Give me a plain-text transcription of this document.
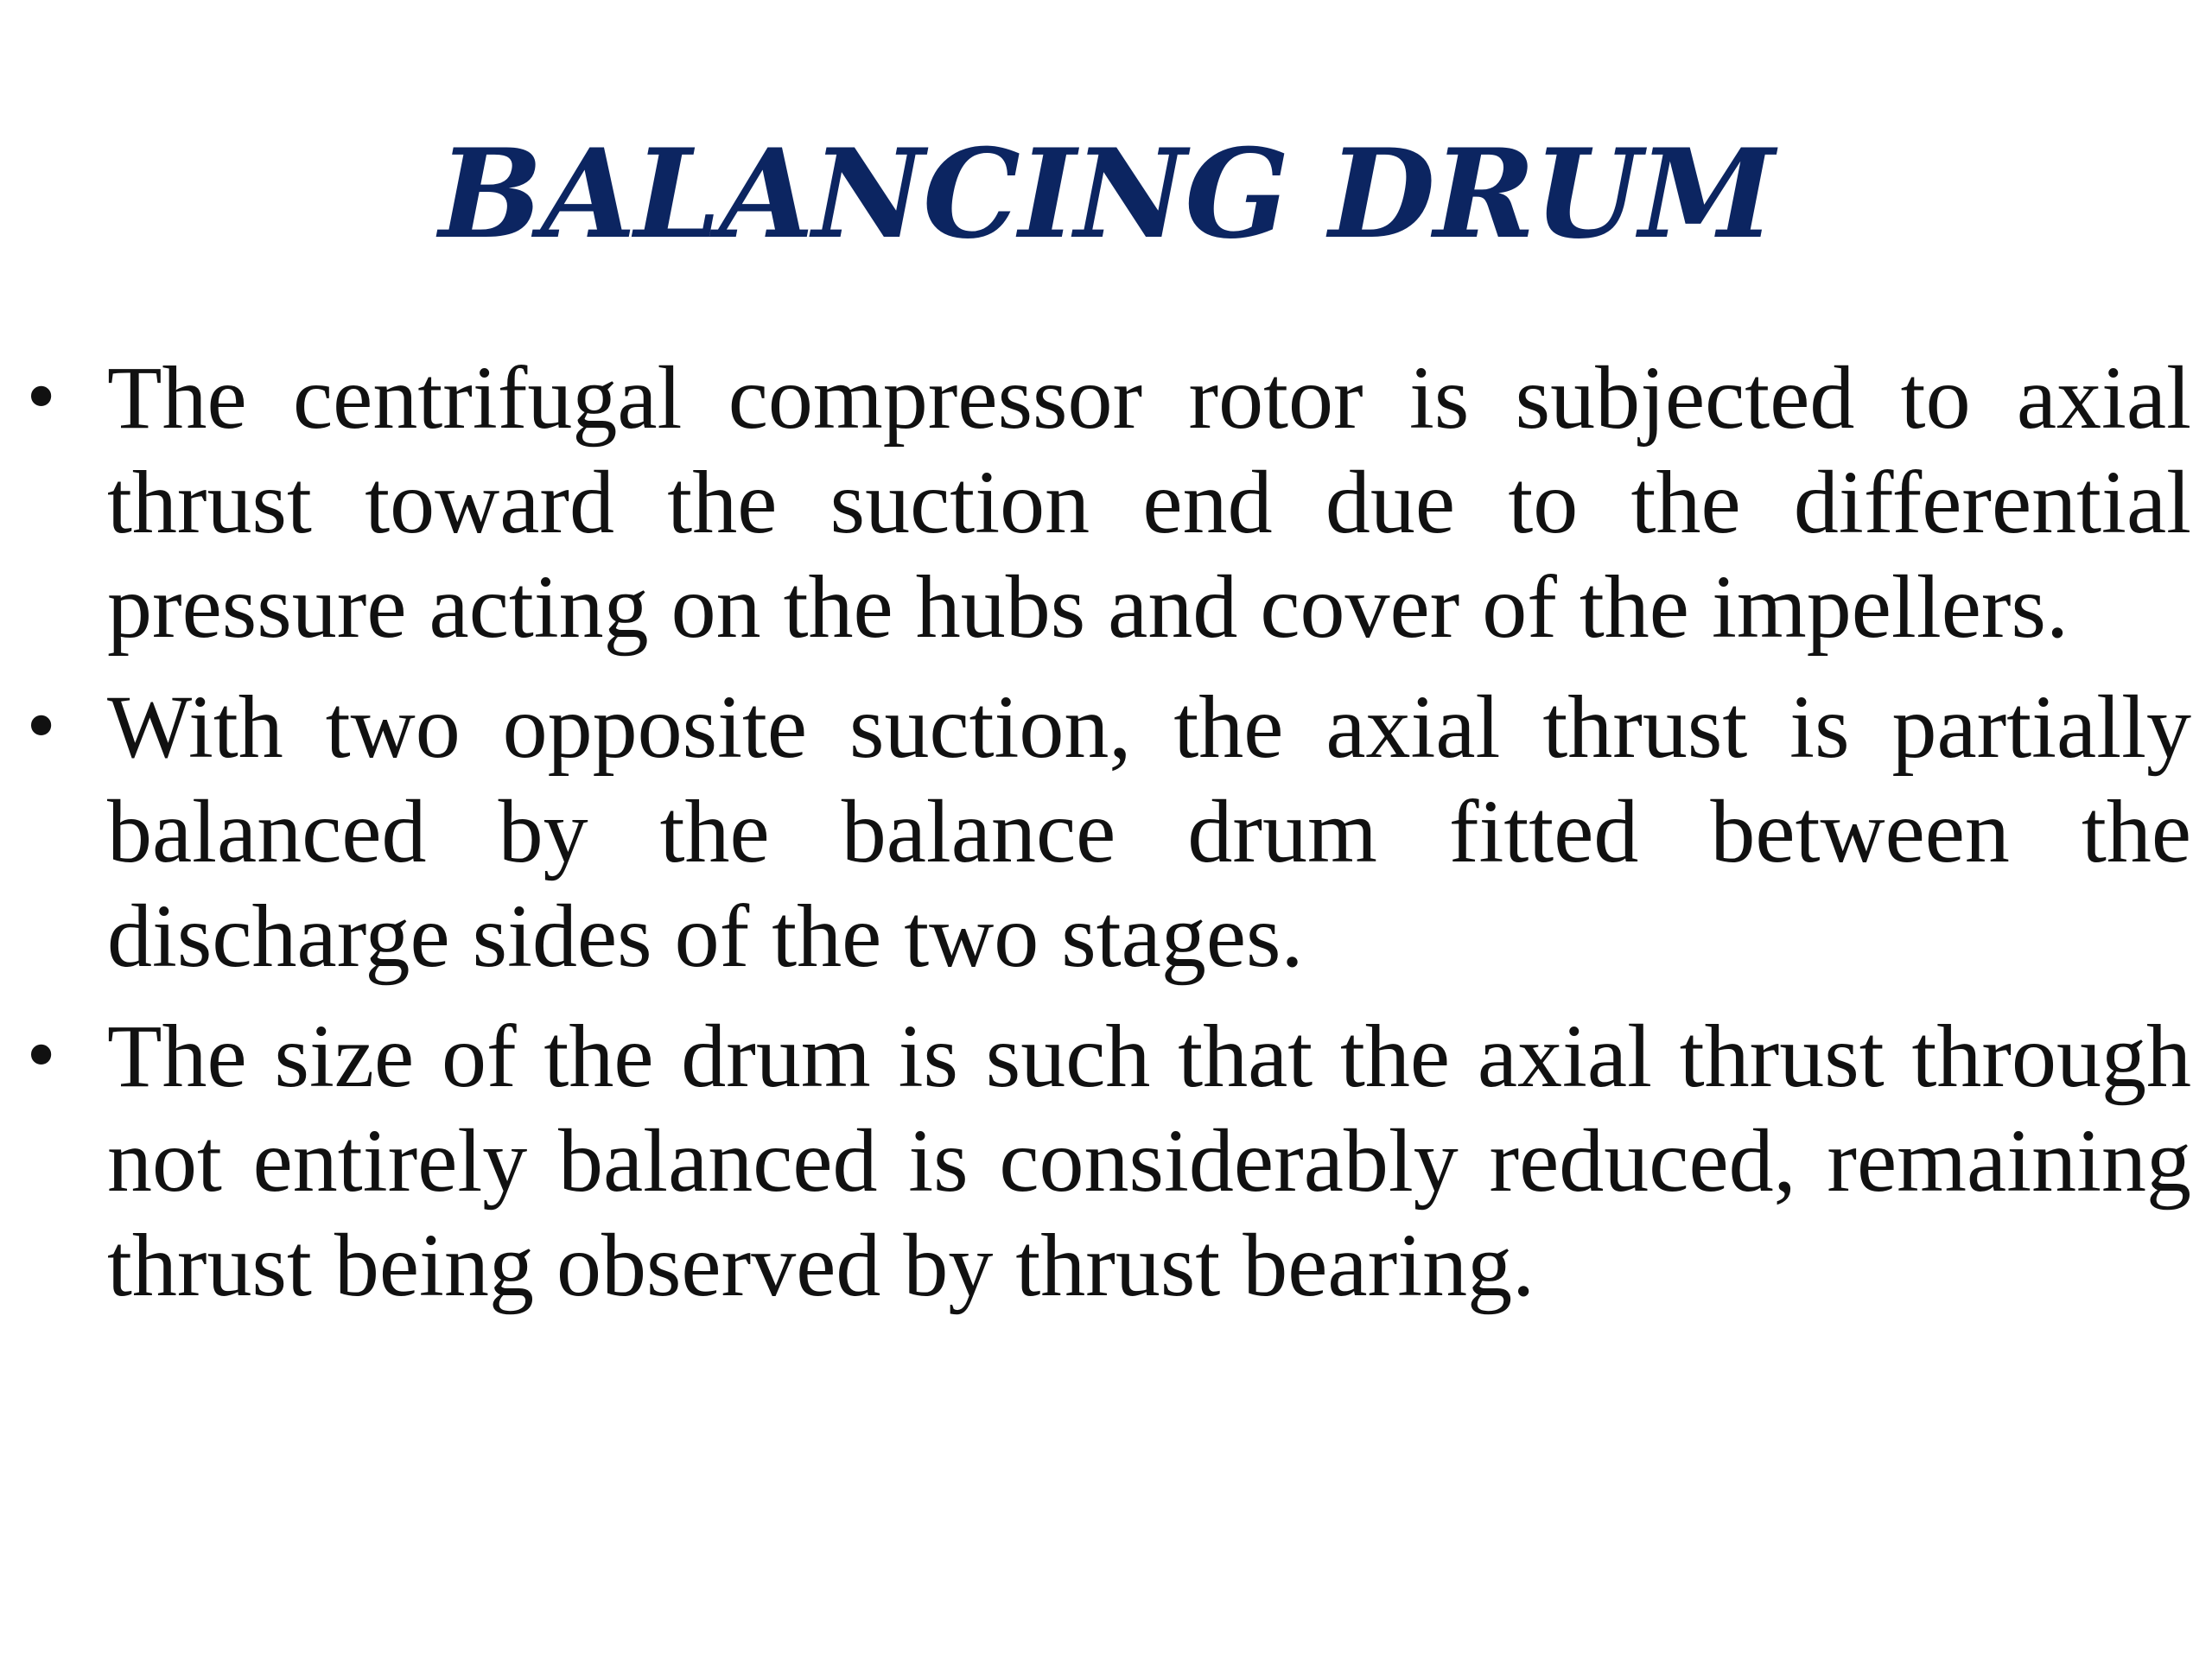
BALANCING DRUM
• The centrifugal compressor rotor is subjected to axial thrust toward the suction end due to the differential pressure acting on the hubs and cover of the impellers.
• With two opposite suction, the axial thrust is partially balanced by the balance drum fitted between the discharge sides of the two stages.
• The size of the drum is such that the axial thrust through not entirely balanced is considerably reduced, remaining thrust being observed by thrust bearing.
